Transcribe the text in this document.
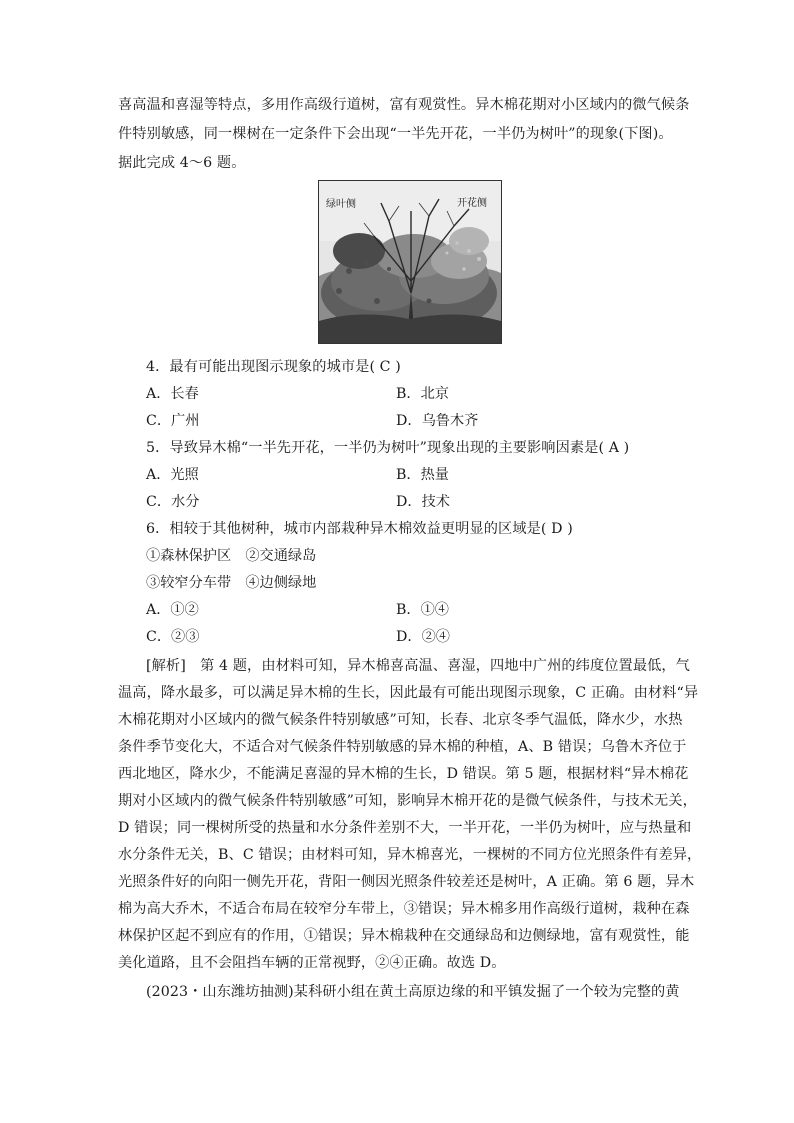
喜高温和喜湿等特点，多用作高级行道树，富有观赏性。异木棉花期对小区域内的微气候条
件特别敏感，同一棵树在一定条件下会出现“一半先开花，一半仍为树叶”的现象(下图)。
据此完成 4～6 题。
绿叶侧	开花侧
4．最有可能出现图示现象的城市是( C )
A．长春	B．北京
C．广州	D．乌鲁木齐
5．导致异木棉“一半先开花，一半仍为树叶”现象出现的主要影响因素是( A )
A．光照	B．热量
C．水分	D．技术
6．相较于其他树种，城市内部栽种异木棉效益更明显的区域是( D )
①森林保护区　②交通绿岛
③较窄分车带　④边侧绿地
A．①②	B．①④
C．②③	D．②④
[解析]　第 4 题，由材料可知，异木棉喜高温、喜湿，四地中广州的纬度位置最低，气
温高，降水最多，可以满足异木棉的生长，因此最有可能出现图示现象，C 正确。由材料“异
木棉花期对小区域内的微气候条件特别敏感”可知，长春、北京冬季气温低，降水少，水热
条件季节变化大，不适合对气候条件特别敏感的异木棉的种植，A、B 错误；乌鲁木齐位于
西北地区，降水少，不能满足喜湿的异木棉的生长，D 错误。第 5 题，根据材料“异木棉花
期对小区域内的微气候条件特别敏感”可知，影响异木棉开花的是微气候条件，与技术无关，
D 错误；同一棵树所受的热量和水分条件差别不大，一半开花，一半仍为树叶，应与热量和
水分条件无关，B、C 错误；由材料可知，异木棉喜光，一棵树的不同方位光照条件有差异，
光照条件好的向阳一侧先开花，背阳一侧因光照条件较差还是树叶，A 正确。第 6 题，异木
棉为高大乔木，不适合布局在较窄分车带上，③错误；异木棉多用作高级行道树，栽种在森
林保护区起不到应有的作用，①错误；异木棉栽种在交通绿岛和边侧绿地，富有观赏性，能
美化道路，且不会阻挡车辆的正常视野，②④正确。故选 D。
(2023・山东潍坊抽测)某科研小组在黄土高原边缘的和平镇发掘了一个较为完整的黄
